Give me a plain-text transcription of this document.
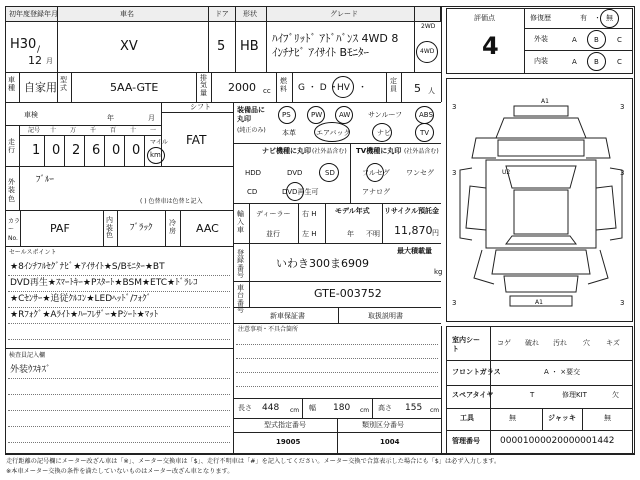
初年度登録年月	車名	ドア 形状	グレード
H30 /
12 月
XV	5 HB
ﾊｲﾌﾞﾘｯﾄﾞ ｱﾄﾞﾊﾞﾝｽ 4WD 8
ｲﾝﾁﾅﾋﾞ ｱｲｻｲﾄ Bﾓﾆﾀｰ
2WD
4WD
車種 自家用
型式	5AA-GTE
排気量 2000 cc
燃料 G ・ D ・
HV ・
定員 5 人
評価点
4
修復歴	有 ・ 無
外装	A B	C
内装	A B	C
車検	年	月
シフト
FAT
走行
記号 十 万 千 百 十 一
1 0 2 6 0 0
マイル
km
装備品に丸印
(純正のみ)
PS	PW AW	サンルーフ ABS
本革	エアバック	ナビ	TV
ナビ機種に丸印 (社外品含む) TV機種に丸印 (社外品含む)
HDD	DVD	SD
CD	DVD再生可
フルセグ ワンセグ
アナログ
外装色
ﾌﾞﾙｰ
( ) 色替車は色替と記入
カラーNo.
PAF
内装色
ﾌﾞﾗｯｸ 冷房 AAC
輸入車
ディーラー
並行
右 H
左 H
モデル年式
年 不明
リサイクル預託金
11,870 円
登録番号
いわき300ま6909
最大積載量
kg
車台番号
GTE-003752
新車保証書	取扱説明書
注意事項・不具合箇所
セールスポイント
★8ｲﾝﾁﾌﾙｾｸﾞﾅﾋﾞ★ｱｲｻｲﾄ★S/Bﾓﾆﾀｰ★BT
DVD再生★ｽﾏｰﾄｷｰ★Pｽﾀｰﾄ★BSM★ETC★ﾄﾞﾗﾚｺ
★Cｾﾝｻｰ★追従ｸﾙｺﾝ★LEDﾍｯﾄﾞ/ﾌｫｸﾞ
★Rﾌｫｸﾞ★Aﾗｲﾄ★ﾊｰﾌﾚｻﾞｰ★Pｼｰﾄ★ﾏｯﾄ
検査員記入欄
外装ｳｽｷｽﾞ
長さ 448 cm 幅 180 cm 高さ 155 cm
型式指定番号	類別区分番号
19005	1004
A1
U2
A1
3	3
3	3
3	3
室内シート
コゲ 破れ 汚れ 穴 キズ
フロントガラス	A ・ ×要交
スペアタイヤ	T	修理KIT	欠
工具	無	ジャッキ	無
管理番号 00001000020000001442
走行距離の記号欄にメーター改ざん車は「※」、メーター交換車は「$」、走行不明車は「#」を記入してください。メーター交換で合算表示した場合にも「$」は必ず入力します。
※本車メーター交換の条件を満たしていないものはメーター改ざん車となります。
